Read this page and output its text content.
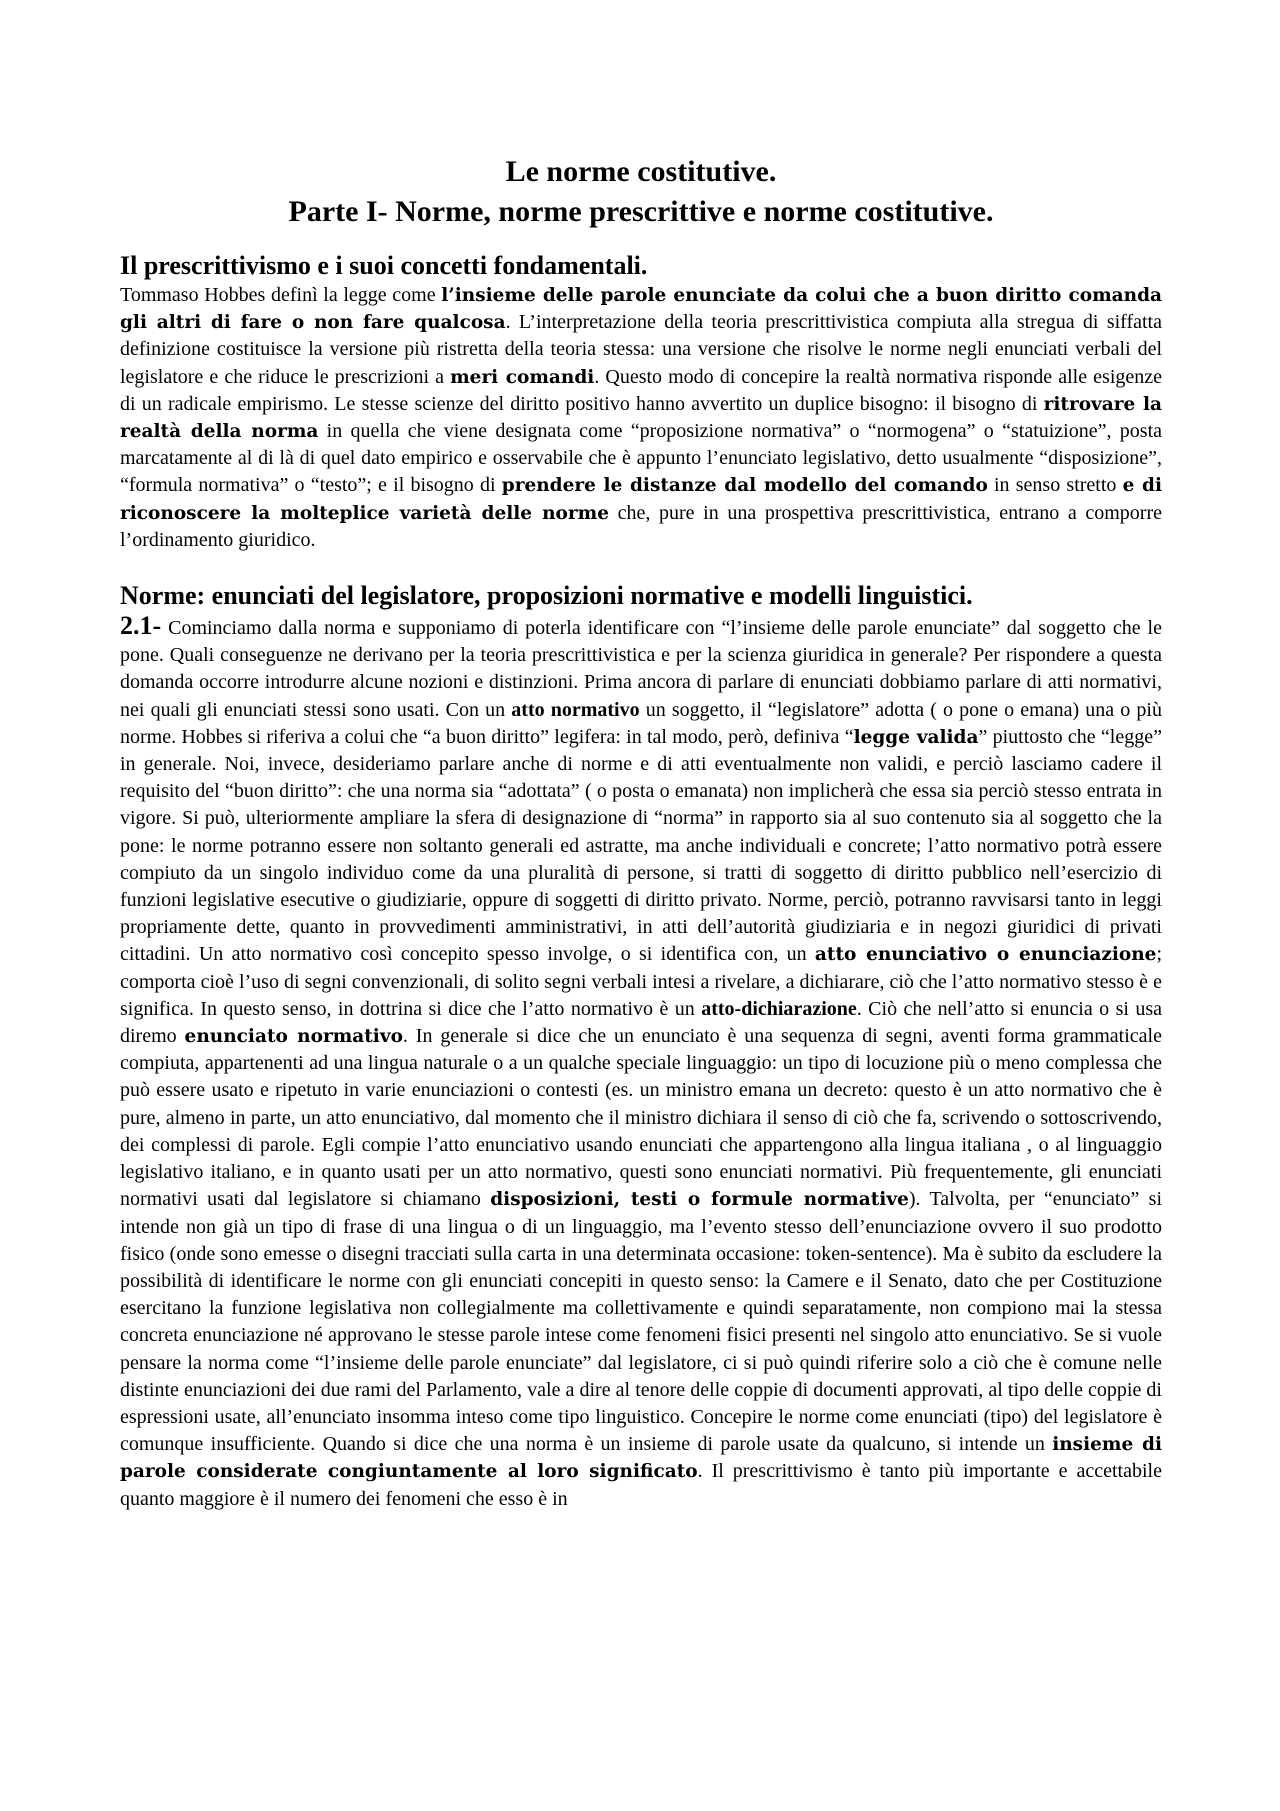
Le norme costitutive.
Parte I- Norme, norme prescrittive e norme costitutive.
Il prescrittivismo e i suoi concetti fondamentali.

Tommaso Hobbes definì la legge come l’insieme delle parole enunciate da colui che a buon diritto comanda gli altri di fare o non fare qualcosa. L’interpretazione della teoria prescrittivistica compiuta alla stregua di siffatta definizione costituisce la versione più ristretta della teoria stessa: una versione che risolve le norme negli enunciati verbali del legislatore e che riduce le prescrizioni a meri comandi. Questo modo di concepire la realtà normativa risponde alle esigenze di un radicale empirismo. Le stesse scienze del diritto positivo hanno avvertito un duplice bisogno: il bisogno di ritrovare la realtà della norma in quella che viene designata come “proposizione normativa” o “normogena” o “statuizione”, posta marcatamente al di là di quel dato empirico e osservabile che è appunto l’enunciato legislativo, detto usualmente “disposizione”, “formula normativa” o “testo”; e il bisogno di prendere le distanze dal modello del comando in senso stretto e di riconoscere la molteplice varietà delle norme che, pure in una prospettiva prescrittivistica, entrano a comporre l’ordinamento giuridico.

Norme: enunciati del legislatore, proposizioni normative e modelli linguistici.

2.1- Cominciamo dalla norma e supponiamo di poterla identificare con “l’insieme delle parole enunciate” dal soggetto che le pone. Quali conseguenze ne derivano per la teoria prescrittivistica e per la scienza giuridica in generale? Per rispondere a questa domanda occorre introdurre alcune nozioni e distinzioni. Prima ancora di parlare di enunciati dobbiamo parlare di atti normativi, nei quali gli enunciati stessi sono usati. Con un atto normativo un soggetto, il “legislatore” adotta ( o pone o emana) una o più norme. Hobbes si riferiva a colui che “a buon diritto” legifera: in tal modo, però, definiva “legge valida” piuttosto che “legge” in generale. Noi, invece, desideriamo parlare anche di norme e di atti eventualmente non validi, e perciò lasciamo cadere il requisito del “buon diritto”: che una norma sia “adottata” ( o posta o emanata) non implicherà che essa sia perciò stesso entrata in vigore. Si può, ulteriormente ampliare la sfera di designazione di “norma” in rapporto sia al suo contenuto sia al soggetto che la pone: le norme potranno essere non soltanto generali ed astratte, ma anche individuali e concrete; l’atto normativo potrà essere compiuto da un singolo individuo come da una pluralità di persone, si tratti di soggetto di diritto pubblico nell’esercizio di funzioni legislative esecutive o giudiziarie, oppure di soggetti di diritto privato. Norme, perciò, potranno ravvisarsi tanto in leggi propriamente dette, quanto in provvedimenti amministrativi, in atti dell’autorità giudiziaria e in negozi giuridici di privati cittadini. Un atto normativo così concepito spesso involge, o si identifica con, un atto enunciativo o enunciazione; comporta cioè l’uso di segni convenzionali, di solito segni verbali intesi a rivelare, a dichiarare, ciò che l’atto normativo stesso è e significa. In questo senso, in dottrina si dice che l’atto normativo è un atto-dichiarazione. Ciò che nell’atto si enuncia o si usa diremo enunciato normativo. In generale si dice che un enunciato è una sequenza di segni, aventi forma grammaticale compiuta, appartenenti ad una lingua naturale o a un qualche speciale linguaggio: un tipo di locuzione più o meno complessa che può essere usato e ripetuto in varie enunciazioni o contesti (es. un ministro emana un decreto: questo è un atto normativo che è pure, almeno in parte, un atto enunciativo, dal momento che il ministro dichiara il senso di ciò che fa, scrivendo o sottoscrivendo, dei complessi di parole. Egli compie l’atto enunciativo usando enunciati che appartengono alla lingua italiana , o al linguaggio legislativo italiano, e in quanto usati per un atto normativo, questi sono enunciati normativi. Più frequentemente, gli enunciati normativi usati dal legislatore si chiamano disposizioni, testi o formule normative). Talvolta, per “enunciato” si intende non già un tipo di frase di una lingua o di un linguaggio, ma l’evento stesso dell’enunciazione ovvero il suo prodotto fisico (onde sono emesse o disegni tracciati sulla carta in una determinata occasione: token-sentence). Ma è subito da escludere la possibilità di identificare le norme con gli enunciati concepiti in questo senso: la Camere e il Senato, dato che per Costituzione esercitano la funzione legislativa non collegialmente ma collettivamente e quindi separatamente, non compiono mai la stessa concreta enunciazione né approvano le stesse parole intese come fenomeni fisici presenti nel singolo atto enunciativo. Se si vuole pensare la norma come “l’insieme delle parole enunciate” dal legislatore, ci si può quindi riferire solo a ciò che è comune nelle distinte enunciazioni dei due rami del Parlamento, vale a dire al tenore delle coppie di documenti approvati, al tipo delle coppie di espressioni usate, all’enunciato insomma inteso come tipo linguistico. Concepire le norme come enunciati (tipo) del legislatore è comunque insufficiente. Quando si dice che una norma è un insieme di parole usate da qualcuno, si intende un insieme di parole considerate congiuntamente al loro significato. Il prescrittivismo è tanto più importante e accettabile quanto maggiore è il numero dei fenomeni che esso è in
